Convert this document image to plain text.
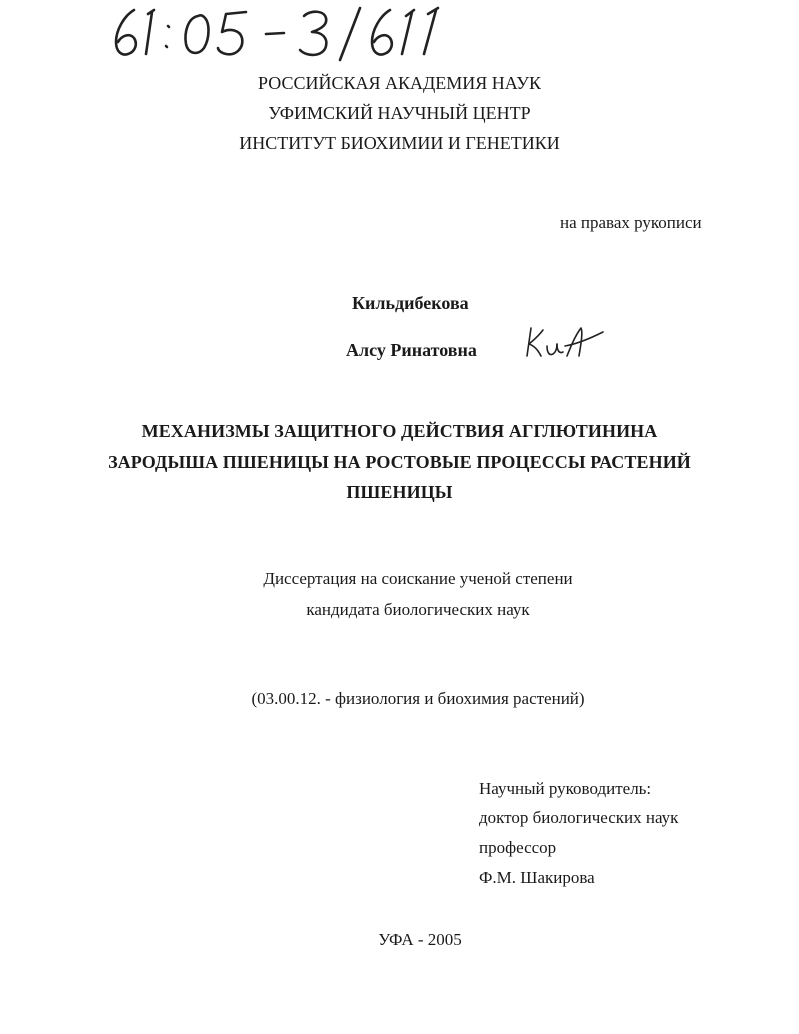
РОССИЙСКАЯ АКАДЕМИЯ НАУК
УФИМСКИЙ НАУЧНЫЙ ЦЕНТР
ИНСТИТУТ БИОХИМИИ И ГЕНЕТИКИ
на правах рукописи
Кильдибекова
Алсу Ринатовна
МЕХАНИЗМЫ ЗАЩИТНОГО ДЕЙСТВИЯ АГГЛЮТИНИНА
ЗАРОДЫША ПШЕНИЦЫ НА РОСТОВЫЕ ПРОЦЕССЫ РАСТЕНИЙ
ПШЕНИЦЫ
Диссертация на соискание ученой степени
кандидата биологических наук
(03.00.12. - физиология и биохимия растений)
Научный руководитель:
доктор биологических наук
профессор
Ф.М. Шакирова
УФА - 2005
